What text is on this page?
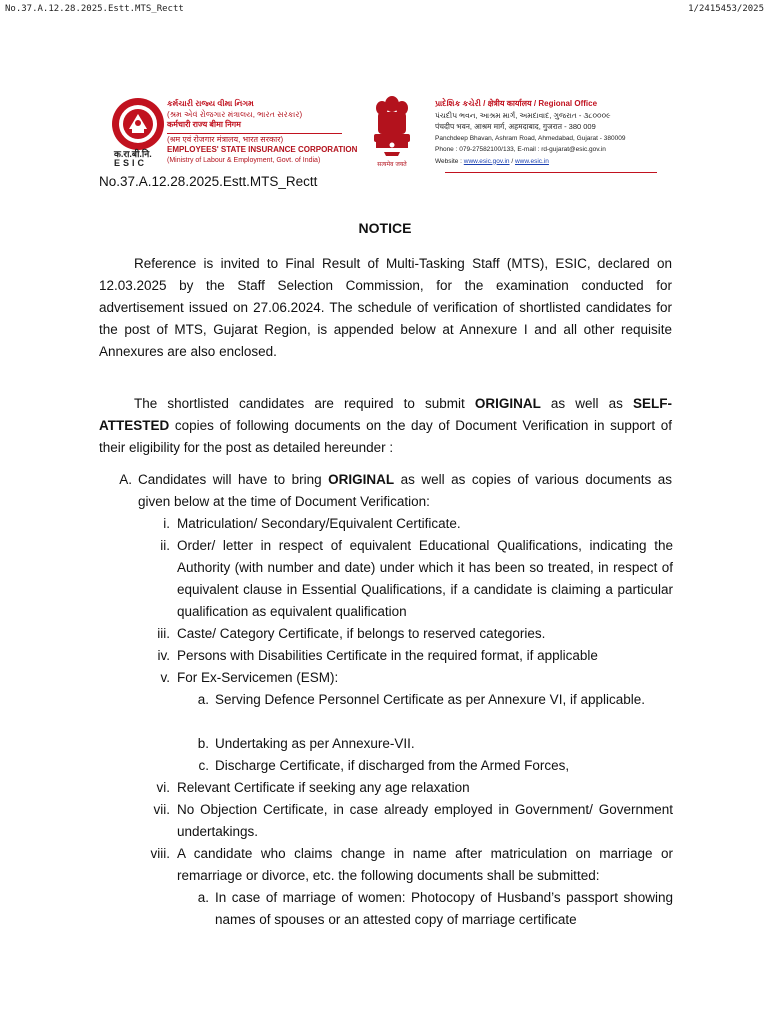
No.37.A.12.28.2025.Estt.MTS_Rectt	1/2415453/2025
क.रा.बी.नि.
ESIC
કર્મચારી રાજ્ય વીમા નિગમ
(શ્રમ એવં રોજગાર મંત્રાલય, ભારત સરકાર)
कर्मचारी राज्य बीमा निगम
(श्रम एवं रोजगार मंत्रालय, भारत सरकार)
EMPLOYEES' STATE INSURANCE CORPORATION
(Ministry of Labour & Employment, Govt. of India)
सत्यमेव जयते
પ્રાદેશિક કચેરી / क्षेत्रीय कार्यालय / Regional Office
પંચદીપ ભવન, આશ્રમ માર્ગ, અમદાવાદ, ગુજરાત - ૩૮૦૦૦૯
पंचदीप भवन, आश्रम मार्ग, अहमदाबाद, गुजरात - 380 009
Panchdeep Bhavan, Ashram Road, Ahmedabad, Gujarat - 380009
Phone : 079-27582100/133, E-mail : rd-gujarat@esic.gov.in
Website : www.esic.gov.in / www.esic.in
No.37.A.12.28.2025.Estt.MTS_Rectt
NOTICE
Reference is invited to Final Result of Multi-Tasking Staff (MTS), ESIC, declared on 12.03.2025 by the Staff Selection Commission, for the examination conducted for advertisement issued on 27.06.2024. The schedule of verification of shortlisted candidates for the post of MTS, Gujarat Region, is appended below at Annexure I and all other requisite Annexures are also enclosed.
The shortlisted candidates are required to submit ORIGINAL as well as SELF-ATTESTED copies of following documents on the day of Document Verification in support of their eligibility for the post as detailed hereunder :
A. Candidates will have to bring ORIGINAL as well as copies of various documents as given below at the time of Document Verification:
i. Matriculation/ Secondary/Equivalent Certificate.
ii. Order/ letter in respect of equivalent Educational Qualifications, indicating the Authority (with number and date) under which it has been so treated, in respect of equivalent clause in Essential Qualifications, if a candidate is claiming a particular qualification as equivalent qualification
iii. Caste/ Category Certificate, if belongs to reserved categories.
iv. Persons with Disabilities Certificate in the required format, if applicable
v. For Ex-Servicemen (ESM):
a. Serving Defence Personnel Certificate as per Annexure VI, if applicable.
b. Undertaking as per Annexure-VII.
c. Discharge Certificate, if discharged from the Armed Forces,
vi. Relevant Certificate if seeking any age relaxation
vii. No Objection Certificate, in case already employed in Government/ Government undertakings.
viii. A candidate who claims change in name after matriculation on marriage or remarriage or divorce, etc. the following documents shall be submitted:
a. In case of marriage of women: Photocopy of Husband’s passport showing names of spouses or an attested copy of marriage certificate
